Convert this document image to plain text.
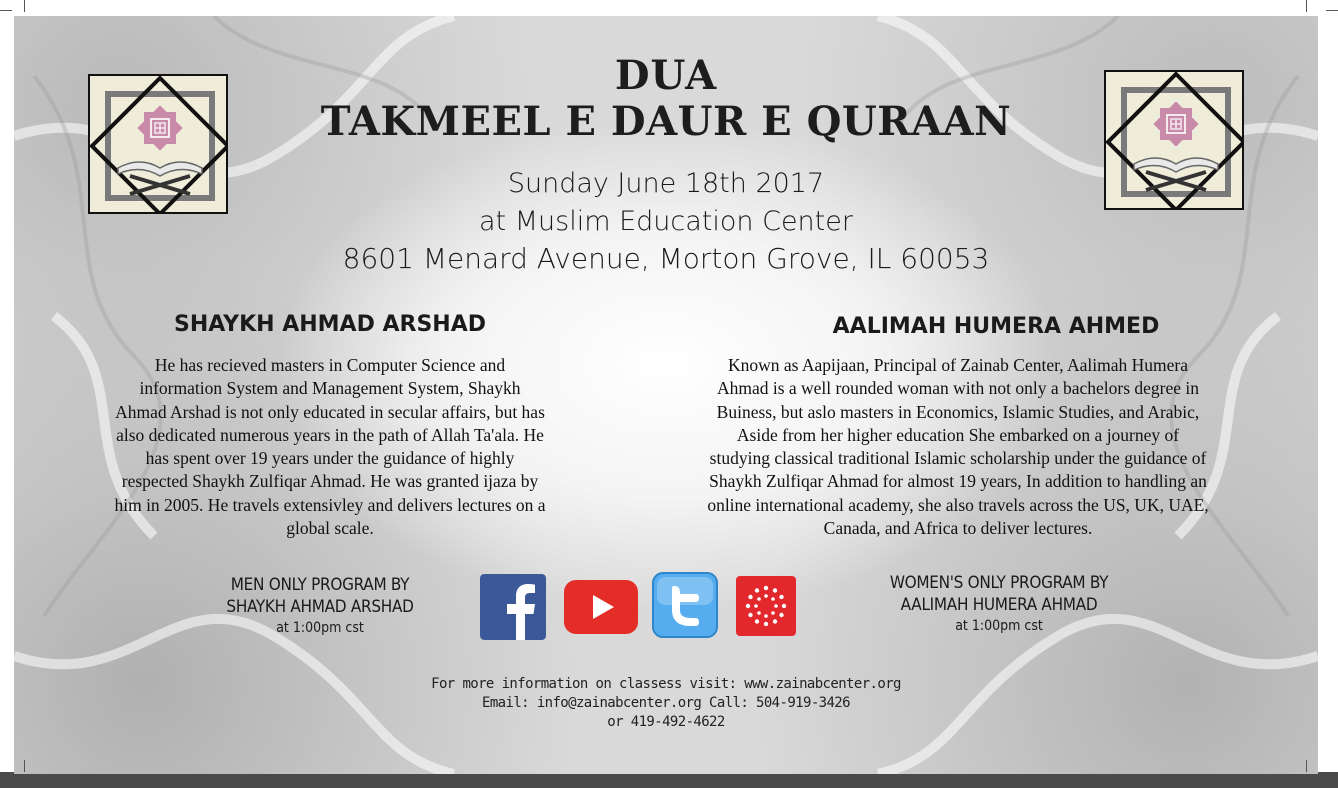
DUA
TAKMEEL E DAUR E QURAAN
Sunday June 18th 2017
at Muslim Education Center
8601 Menard Avenue, Morton Grove, IL 60053
SHAYKH AHMAD ARSHAD
He has recieved masters in Computer Science and
information System and Management System, Shaykh
Ahmad Arshad is not only educated in secular affairs, but has
also dedicated numerous years in the path of Allah Ta'ala. He
has spent over 19 years under the guidance of highly
respected Shaykh Zulfiqar Ahmad. He was granted ijaza by
him in 2005. He travels extensivley and delivers lectures on a
global scale.
AALIMAH HUMERA AHMED
Known as Aapijaan, Principal of Zainab Center, Aalimah Humera
Ahmad is a well rounded woman with not only a bachelors degree in
Buiness, but aslo masters in Economics, Islamic Studies, and Arabic,
Aside from her higher education She embarked on a journey of
studying classical traditional Islamic scholarship under the guidance of
Shaykh Zulfiqar Ahmad for almost 19 years, In addition to handling an
online international academy, she also travels across the US, UK, UAE,
Canada, and Africa to deliver lectures.
MEN ONLY PROGRAM BY
SHAYKH AHMAD ARSHAD
at 1:00pm cst
WOMEN'S ONLY PROGRAM BY
AALIMAH HUMERA AHMAD
at 1:00pm cst
For more information on classess visit: www.zainabcenter.org
Email: info@zainabcenter.org Call: 504-919-3426
or 419-492-4622
